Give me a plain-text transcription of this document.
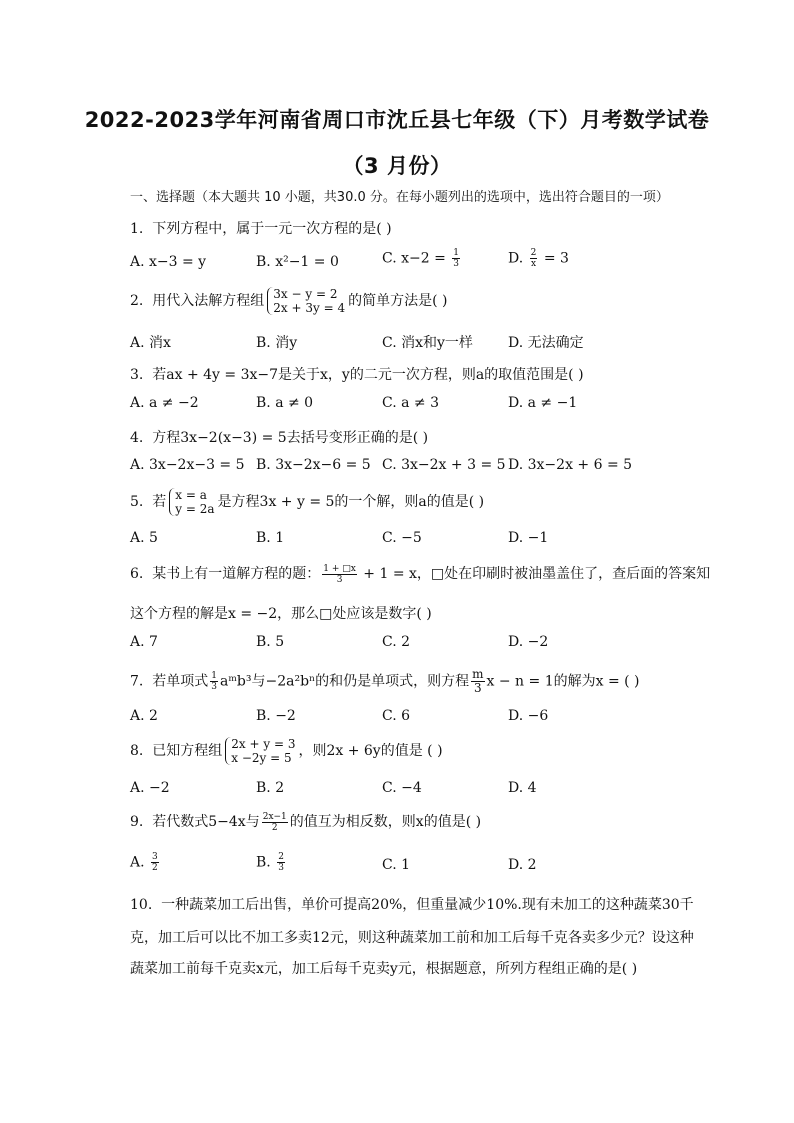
2022-2023学年河南省周口市沈丘县七年级（下）月考数学试卷
（3 月份）
一、选择题（本大题共 10 小题，共30.0 分。在每小题列出的选项中，选出符合题目的一项）
1. 下列方程中，属于一元一次方程的是( )
A. x−3 = y	B. x²−1 = 0	C. $x-2 = \frac{1}{3}$	D. $\frac{2}{x} = 3$
2. 用代入法解方程组 3x − y = 2
2x + 3y = 4 的简单方法是( )
A. 消x	B. 消y	C. 消x和y一样	D. 无法确定
3. 若ax + 4y = 3x−7是关于x，y的二元一次方程，则a的取值范围是( )
A. a ≠ −2	B. a ≠ 0	C. a ≠ 3	D. a ≠ −1
4. 方程3x−2(x−3) = 5去括号变形正确的是( )
A. 3x−2x−3 = 5 B. 3x−2x−6 = 5 C. 3x−2x + 3 = 5 D. 3x−2x + 6 = 5
5. 若 x = a
y = 2a 是方程3x + y = 5的一个解，则a的值是( )
A. 5	B. 1	C. −5	D. −1
6. 某书上有一道解方程的题： $\frac{1 + □x}{3} + 1 = x$，□处在印刷时被油墨盖住了，查后面的答案知
这个方程的解是x = −2，那么□处应该是数字( )
A. 7	B. 5	C. 2	D. −2
7. 若单项式 $\frac{1}{3}$ aᵐb³与−2a²bⁿ的和仍是单项式，则方程 $\frac{m}{3}$ x − n = 1的解为x = ( )
A. 2	B. −2	C. 6	D. −6
8. 已知方程组 2x + y = 3
x −2y = 5 ，则2x + 6y的值是 ( )
A. −2	B. 2	C. −4	D. 4
9. 若代数式5−4x与 $\frac{2x-1}{2}$ 的值互为相反数，则x的值是( )
A. $\frac{3}{2}$	B. $\frac{2}{3}$	C. 1	D. 2
10. 一种蔬菜加工后出售，单价可提高20%，但重量减少10%.现有未加工的这种蔬菜30千
克，加工后可以比不加工多卖12元，则这种蔬菜加工前和加工后每千克各卖多少元？设这种
蔬菜加工前每千克卖x元，加工后每千克卖y元，根据题意，所列方程组正确的是( )
